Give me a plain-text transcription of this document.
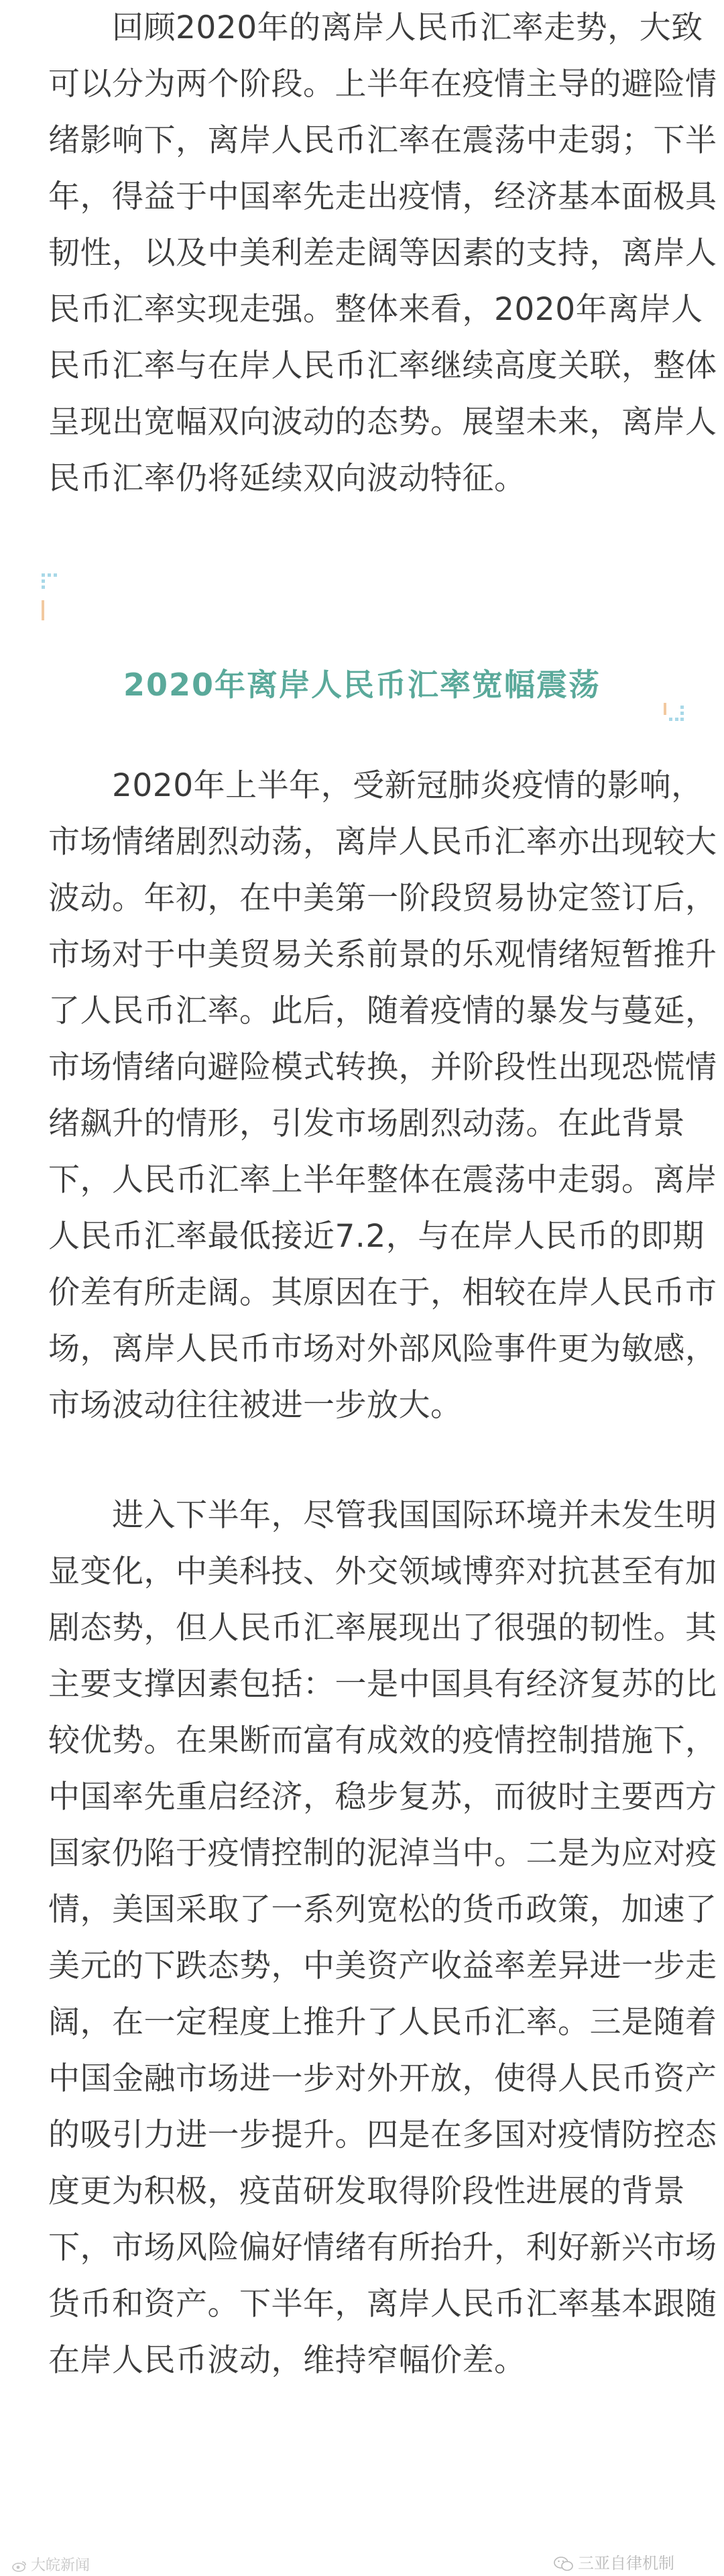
　　回顾2020年的离岸人民币汇率走势，大致

可以分为两个阶段。上半年在疫情主导的避险情

绪影响下，离岸人民币汇率在震荡中走弱；下半

年，得益于中国率先走出疫情，经济基本面极具

韧性，以及中美利差走阔等因素的支持，离岸人

民币汇率实现走强。整体来看，2020年离岸人

民币汇率与在岸人民币汇率继续高度关联，整体

呈现出宽幅双向波动的态势。展望未来，离岸人

民币汇率仍将延续双向波动特征。

2020年离岸人民币汇率宽幅震荡

　　2020年上半年，受新冠肺炎疫情的影响，

市场情绪剧烈动荡，离岸人民币汇率亦出现较大

波动。年初，在中美第一阶段贸易协定签订后，

市场对于中美贸易关系前景的乐观情绪短暂推升

了人民币汇率。此后，随着疫情的暴发与蔓延，

市场情绪向避险模式转换，并阶段性出现恐慌情

绪飙升的情形，引发市场剧烈动荡。在此背景

下，人民币汇率上半年整体在震荡中走弱。离岸

人民币汇率最低接近7.2，与在岸人民币的即期

价差有所走阔。其原因在于，相较在岸人民币市

场，离岸人民币市场对外部风险事件更为敏感，

市场波动往往被进一步放大。

　　进入下半年，尽管我国国际环境并未发生明

显变化，中美科技、外交领域博弈对抗甚至有加

剧态势，但人民币汇率展现出了很强的韧性。其

主要支撑因素包括：一是中国具有经济复苏的比

较优势。在果断而富有成效的疫情控制措施下，

中国率先重启经济，稳步复苏，而彼时主要西方

国家仍陷于疫情控制的泥淖当中。二是为应对疫

情，美国采取了一系列宽松的货币政策，加速了

美元的下跌态势，中美资产收益率差异进一步走

阔，在一定程度上推升了人民币汇率。三是随着

中国金融市场进一步对外开放，使得人民币资产

的吸引力进一步提升。四是在多国对疫情防控态

度更为积极，疫苗研发取得阶段性进展的背景

下，市场风险偏好情绪有所抬升，利好新兴市场

货币和资产。下半年，离岸人民币汇率基本跟随

在岸人民币波动，维持窄幅价差。

大皖新闻	三亚自律机制
